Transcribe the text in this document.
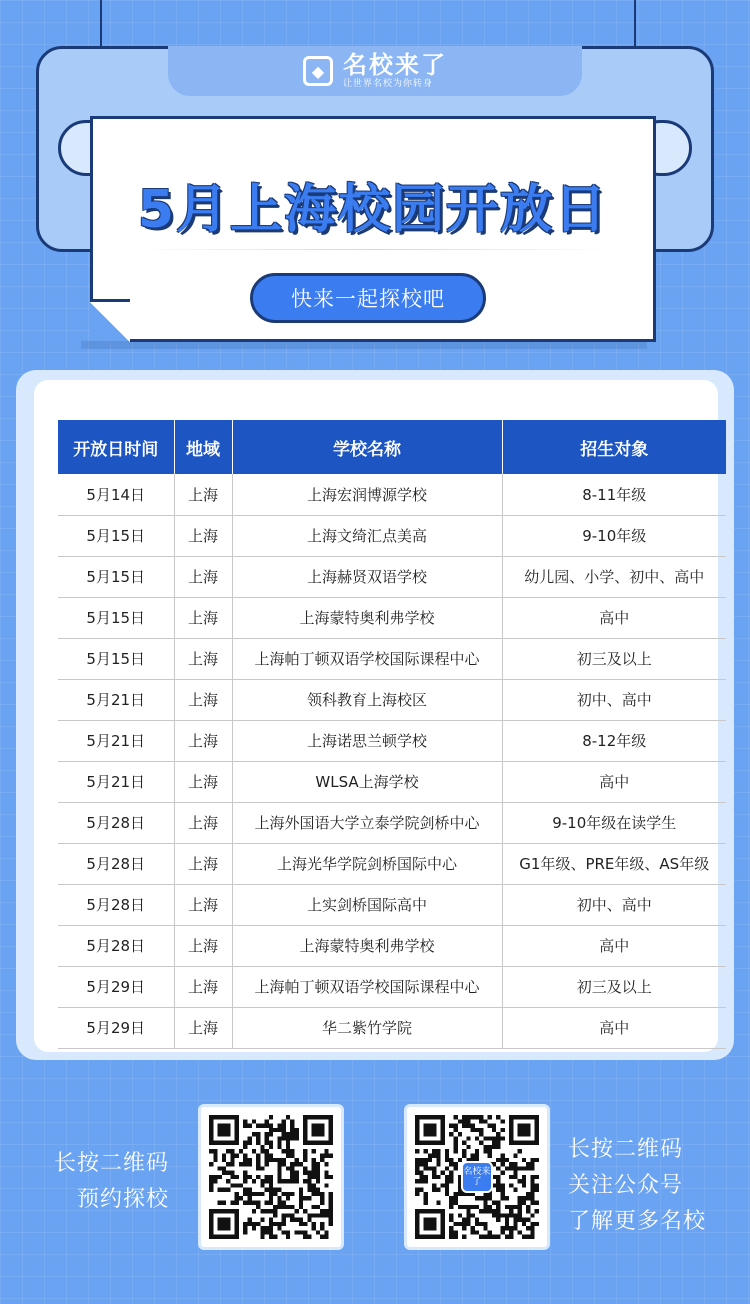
◆ 名校来了
让世界名校为你转身
5月上海校园开放日
快来一起探校吧
开放日时间	地域	学校名称	招生对象
5月14日	上海	上海宏润博源学校	8-11年级
5月15日	上海	上海文绮汇点美高	9-10年级
5月15日	上海	上海赫贤双语学校	幼儿园、小学、初中、高中
5月15日	上海	上海蒙特奥利弗学校	高中
5月15日	上海	上海帕丁顿双语学校国际课程中心	初三及以上
5月21日	上海	领科教育上海校区	初中、高中
5月21日	上海	上海诺思兰顿学校	8-12年级
5月21日	上海	WLSA上海学校	高中
5月28日	上海	上海外国语大学立泰学院剑桥中心	9-10年级在读学生
5月28日	上海	上海光华学院剑桥国际中心	G1年级、PRE年级、AS年级
5月28日	上海	上实剑桥国际高中	初中、高中
5月28日	上海	上海蒙特奥利弗学校	高中
5月29日	上海	上海帕丁顿双语学校国际课程中心	初三及以上
5月29日	上海	华二紫竹学院	高中
长按二维码
预约探校
名校来了
长按二维码
关注公众号
了解更多名校
